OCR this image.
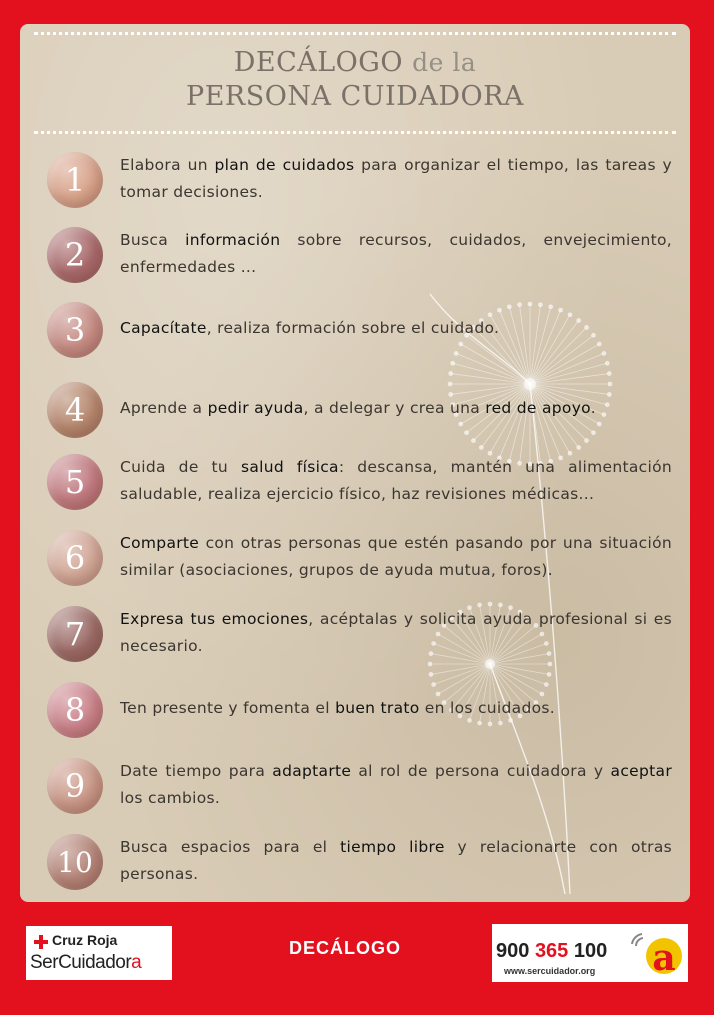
DECÁLOGO de la
PERSONA CUIDADORA
1	Elabora un plan de cuidados para organizar el tiempo, las tareas y tomar decisiones.
2	Busca información sobre recursos, cuidados, envejecimiento, enfermedades ...
3	Capacítate, realiza formación sobre el cuidado.
4	Aprende a pedir ayuda, a delegar y crea una red de apoyo.
5	Cuida de tu salud física: descansa, mantén una alimentación saludable, realiza ejercicio físico, haz revisiones médicas...
6	Comparte con otras personas que estén pasando por una situación similar (asociaciones, grupos de ayuda mutua, foros).
7	Expresa tus emociones, acéptalas y solicita ayuda profesional si es necesario.
8	Ten presente y fomenta el buen trato en los cuidados.
9	Date tiempo para adaptarte al rol de persona cuidadora y aceptar los cambios.
10	Busca espacios para el tiempo libre y relacionarte con otras personas.
Cruz Roja
SerCuidadora
DECÁLOGO	900 365 100
www.sercuidador.org a
